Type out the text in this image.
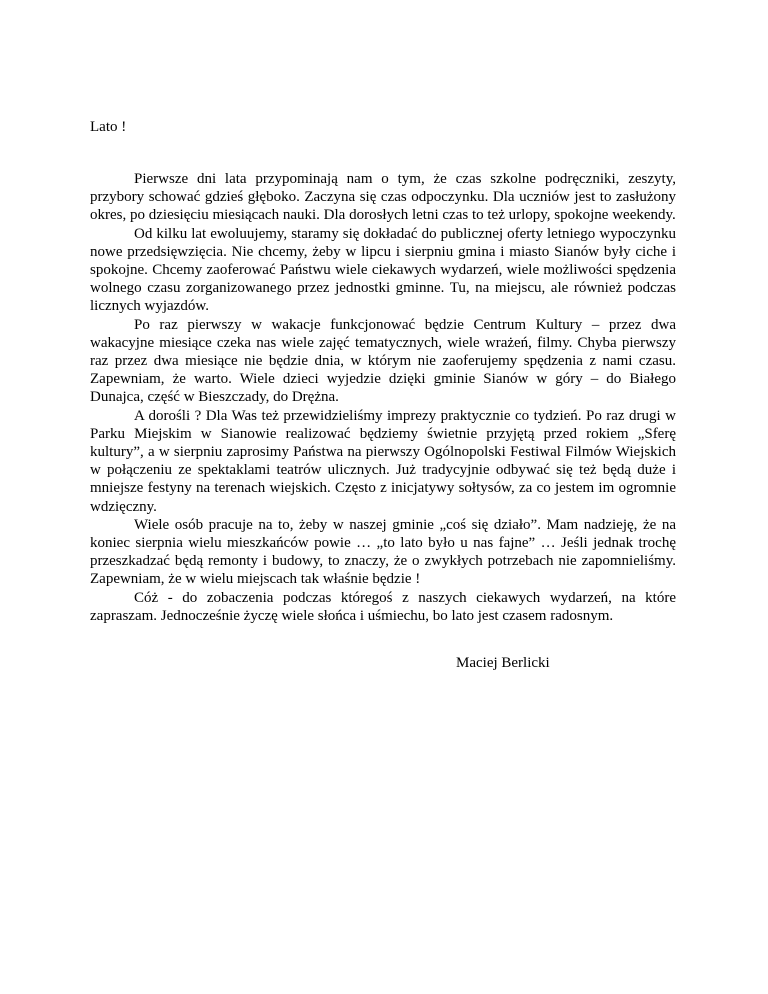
Lato !

Pierwsze dni lata przypominają nam o tym, że czas szkolne podręczniki, zeszyty, przybory schować gdzieś głęboko. Zaczyna się czas odpoczynku. Dla uczniów jest to zasłużony okres, po dziesięciu miesiącach nauki. Dla dorosłych letni czas to też urlopy, spokojne weekendy.

Od kilku lat ewoluujemy, staramy się dokładać do publicznej oferty letniego wypoczynku nowe przedsięwzięcia. Nie chcemy, żeby w lipcu i sierpniu gmina i miasto Sianów były ciche i spokojne. Chcemy zaoferować Państwu wiele ciekawych wydarzeń, wiele możliwości spędzenia wolnego czasu zorganizowanego przez jednostki gminne. Tu, na miejscu, ale również podczas licznych wyjazdów.

Po raz pierwszy w wakacje funkcjonować będzie Centrum Kultury – przez dwa wakacyjne miesiące czeka nas wiele zajęć tematycznych, wiele wrażeń, filmy. Chyba pierwszy raz przez dwa miesiące nie będzie dnia, w którym nie zaoferujemy spędzenia z nami czasu. Zapewniam, że warto. Wiele dzieci wyjedzie dzięki gminie Sianów w góry – do Białego Dunajca, część w Bieszczady, do Drężna.

A dorośli ? Dla Was też przewidzieliśmy imprezy praktycznie co tydzień. Po raz drugi w Parku Miejskim w Sianowie realizować będziemy świetnie przyjętą przed rokiem „Sferę kultury”, a w sierpniu zaprosimy Państwa na pierwszy Ogólnopolski Festiwal Filmów Wiejskich w połączeniu ze spektaklami teatrów ulicznych. Już tradycyjnie odbywać się też będą duże i mniejsze festyny na terenach wiejskich. Często z inicjatywy sołtysów, za co jestem im ogromnie wdzięczny.

Wiele osób pracuje na to, żeby w naszej gminie „coś się działo”. Mam nadzieję, że na koniec sierpnia wielu mieszkańców powie … „to lato było u nas fajne” … Jeśli jednak trochę przeszkadzać będą remonty i budowy, to znaczy, że o zwykłych potrzebach nie zapomnieliśmy. Zapewniam, że w wielu miejscach tak właśnie będzie !

Cóż - do zobaczenia podczas któregoś z naszych ciekawych wydarzeń, na które zapraszam. Jednocześnie życzę wiele słońca i uśmiechu, bo lato jest czasem radosnym.

Maciej Berlicki
